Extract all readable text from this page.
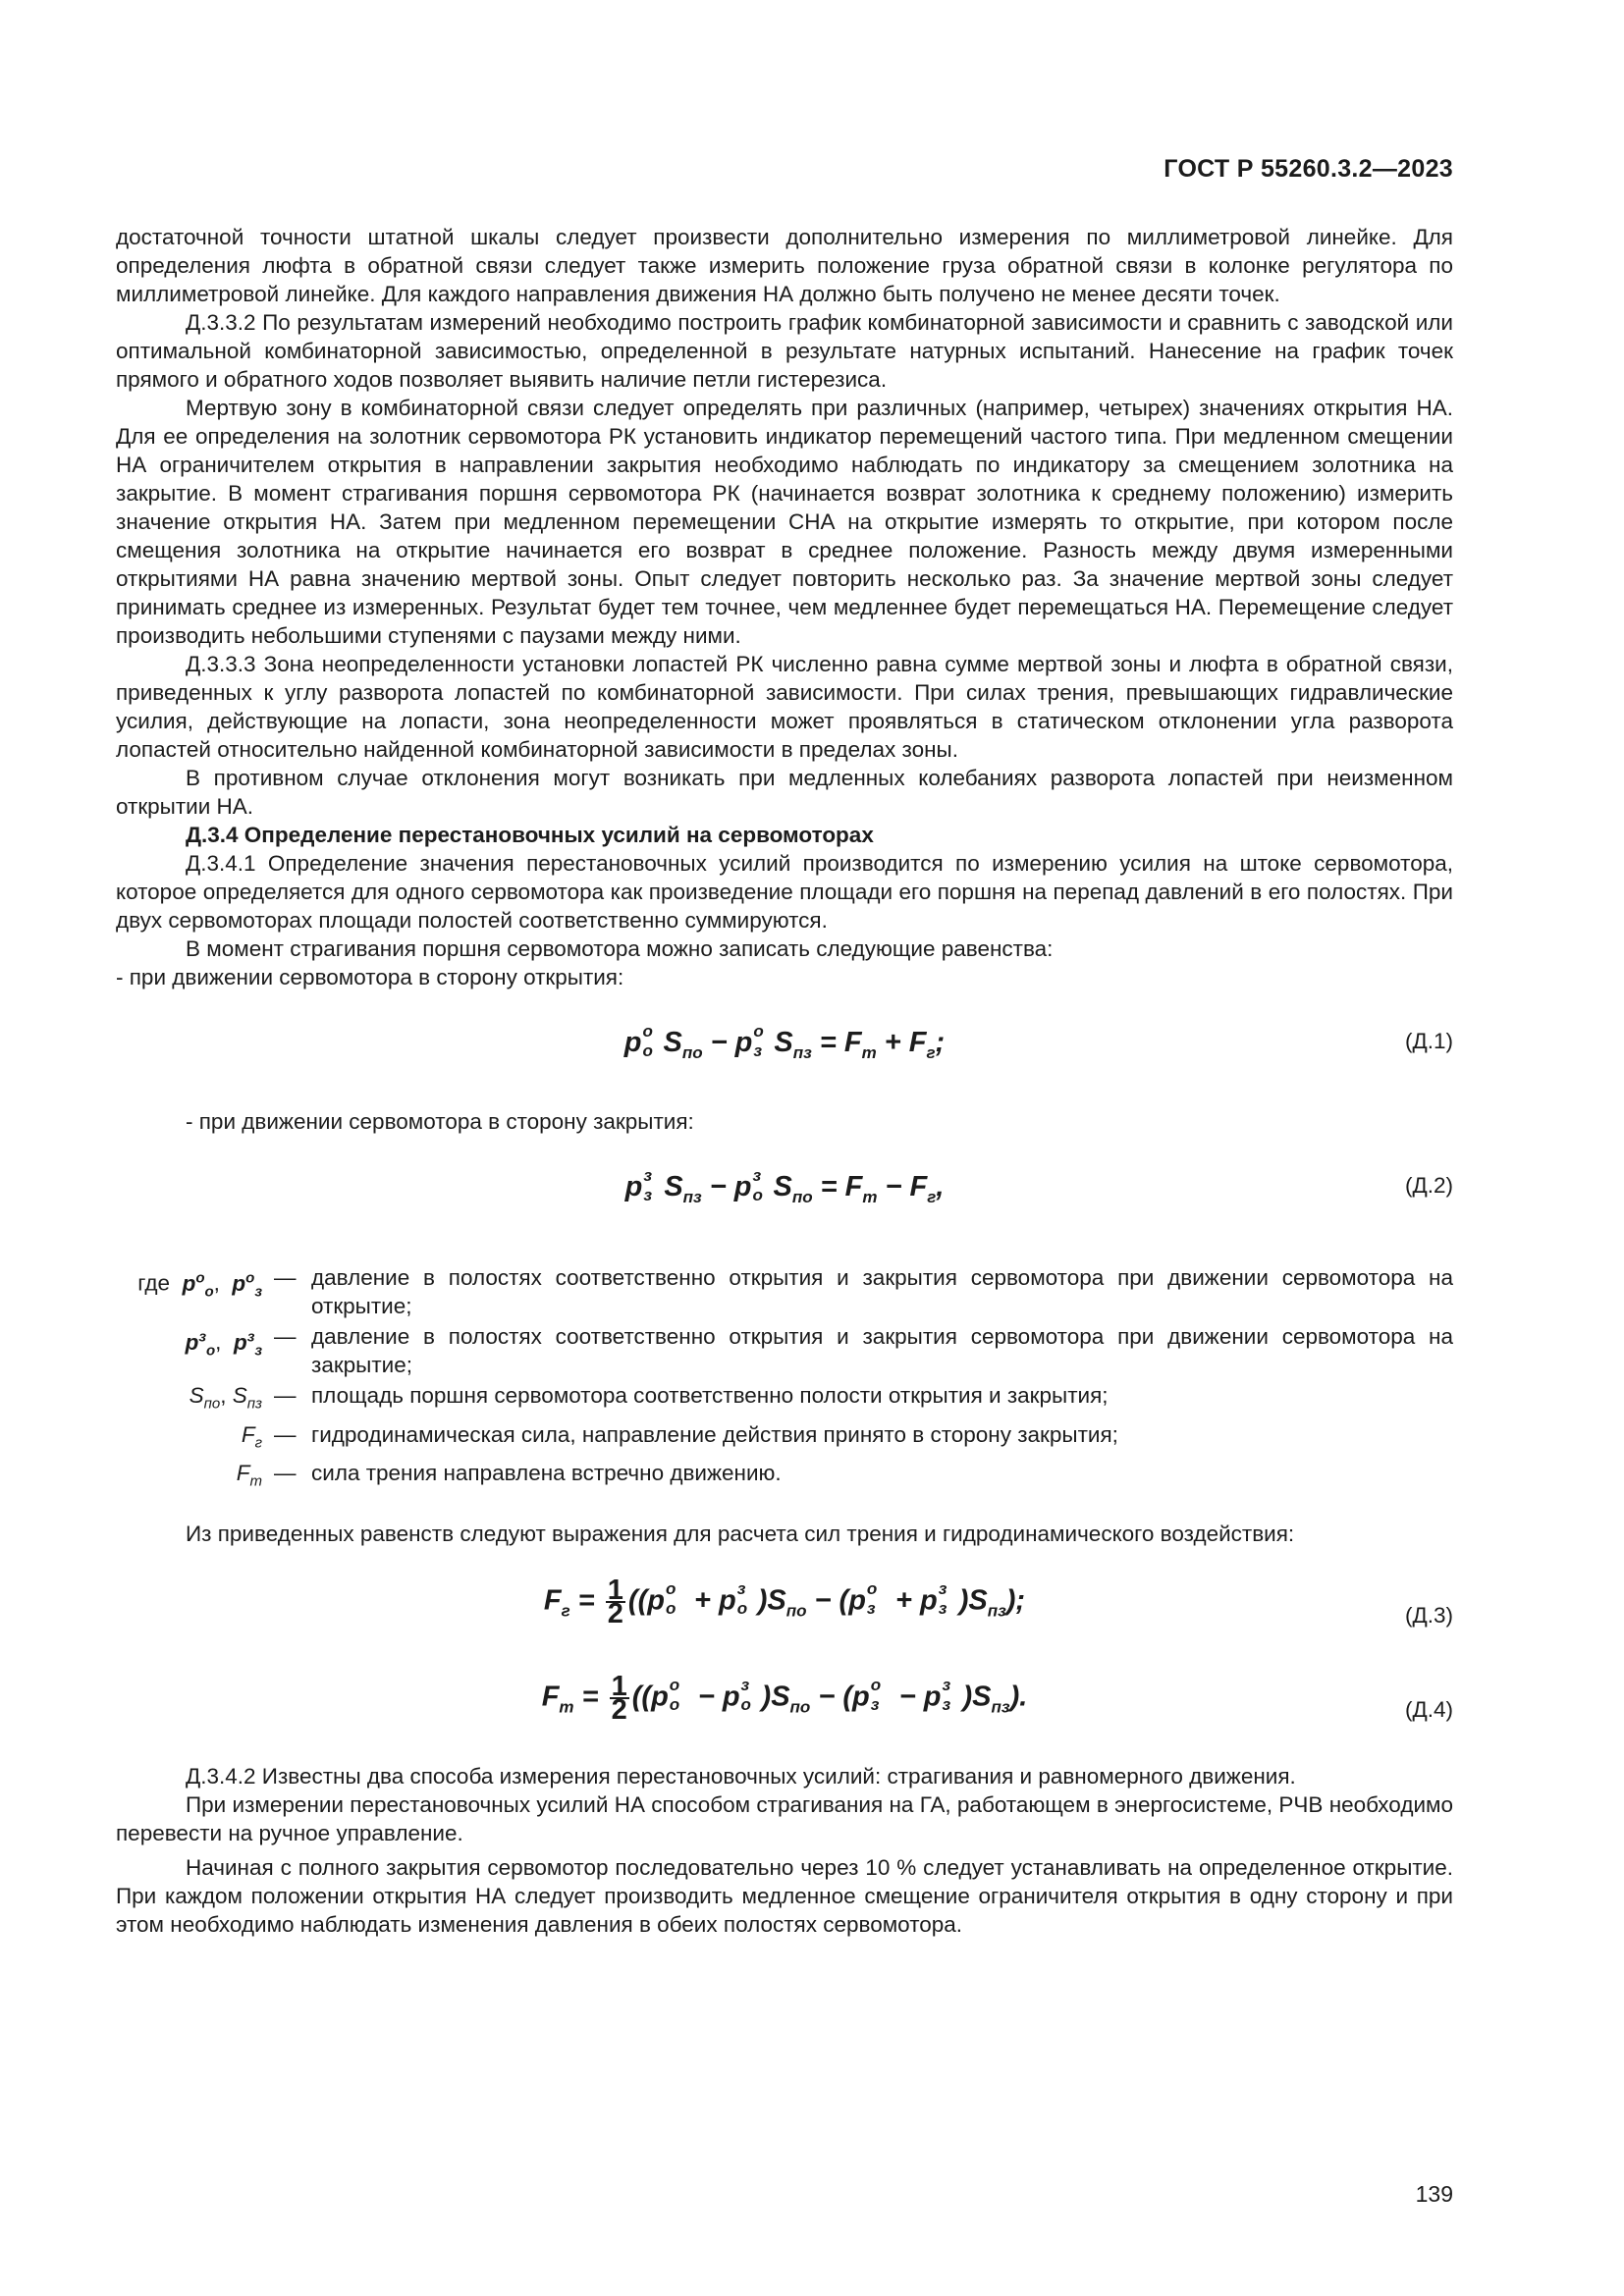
ГОСТ Р 55260.3.2—2023

достаточной точности штатной шкалы следует произвести дополнительно измерения по миллиметровой линейке. Для определения люфта в обратной связи следует также измерить положение груза обратной связи в колонке регулятора по миллиметровой линейке. Для каждого направления движения НА должно быть получено не менее десяти точек.

Д.3.3.2 По результатам измерений необходимо построить график комбинаторной зависимости и сравнить с заводской или оптимальной комбинаторной зависимостью, определенной в результате натурных испытаний. Нанесение на график точек прямого и обратного ходов позволяет выявить наличие петли гистерезиса.

Мертвую зону в комбинаторной связи следует определять при различных (например, четырех) значениях открытия НА. Для ее определения на золотник сервомотора РК установить индикатор перемещений частого типа. При медленном смещении НА ограничителем открытия в направлении закрытия необходимо наблюдать по индикатору за смещением золотника на закрытие. В момент страгивания поршня сервомотора РК (начинается возврат золотника к среднему положению) измерить значение открытия НА. Затем при медленном перемещении СНА на открытие измерять то открытие, при котором после смещения золотника на открытие начинается его возврат в среднее положение. Разность между двумя измеренными открытиями НА равна значению мертвой зоны. Опыт следует повторить несколько раз. За значение мертвой зоны следует принимать среднее из измеренных. Результат будет тем точнее, чем медленнее будет перемещаться НА. Перемещение следует производить небольшими ступенями с паузами между ними.

Д.3.3.3 Зона неопределенности установки лопастей РК численно равна сумме мертвой зоны и люфта в обратной связи, приведенных к углу разворота лопастей по комбинаторной зависимости. При силах трения, превышающих гидравлические усилия, действующие на лопасти, зона неопределенности может проявляться в статическом отклонении угла разворота лопастей относительно найденной комбинаторной зависимости в пределах зоны.

В противном случае отклонения могут возникать при медленных колебаниях разворота лопастей при неизменном открытии НА.

Д.3.4 Определение перестановочных усилий на сервомоторах

Д.3.4.1 Определение значения перестановочных усилий производится по измерению усилия на штоке сервомотора, которое определяется для одного сервомотора как произведение площади его поршня на перепад давлений в его полостях. При двух сервомоторах площади полостей соответственно суммируются.

В момент страгивания поршня сервомотора можно записать следующие равенства:

- при движении сервомотора в сторону открытия:

p o
o $S_{по} - p$ o
з $S_{пз} = F_т + F_г$;	(Д.1)

- при движении сервомотора в сторону закрытия:

p з
з $S_{пз} - p$ з
о $S_{по} = F_т - F_г$,	(Д.2)
где $p^о_о$,  $p^о_з$
— давление в полостях соответственно открытия и закрытия сервомотора при движении сервомотора на открытие;
$p^з_о$,  $p^з_з$
— давление в полостях соответственно открытия и закрытия сервомотора при движении сервомотора на закрытие;
$S_{по}$, $S_{пз}$ — площадь поршня сервомотора соответственно полости открытия и закрытия;
$F_г$ — гидродинамическая сила, направление действия принято в сторону закрытия;
$F_т$ — сила трения направлена встречно движению.

Из приведенных равенств следуют выражения для расчета сил трения и гидродинамического воздействия:

$F_г = \frac{1}{2} ((p$ о
о + p з
о )$S_{по} - (p$ о
з + p з
з )$S_{пз}$);	(Д.3)
$F_т = \frac{1}{2} ((p$ о
о − p з
о )$S_{по} - (p$ о
з − p з
з )$S_{пз}$).	(Д.4)

Д.3.4.2 Известны два способа измерения перестановочных усилий: страгивания и равномерного движения.

При измерении перестановочных усилий НА способом страгивания на ГА, работающем в энергосистеме, РЧВ необходимо перевести на ручное управление.

Начиная с полного закрытия сервомотор последовательно через 10 % следует устанавливать на определенное открытие. При каждом положении открытия НА следует производить медленное смещение ограничителя открытия в одну сторону и при этом необходимо наблюдать изменения давления в обеих полостях сервомотора.

139
